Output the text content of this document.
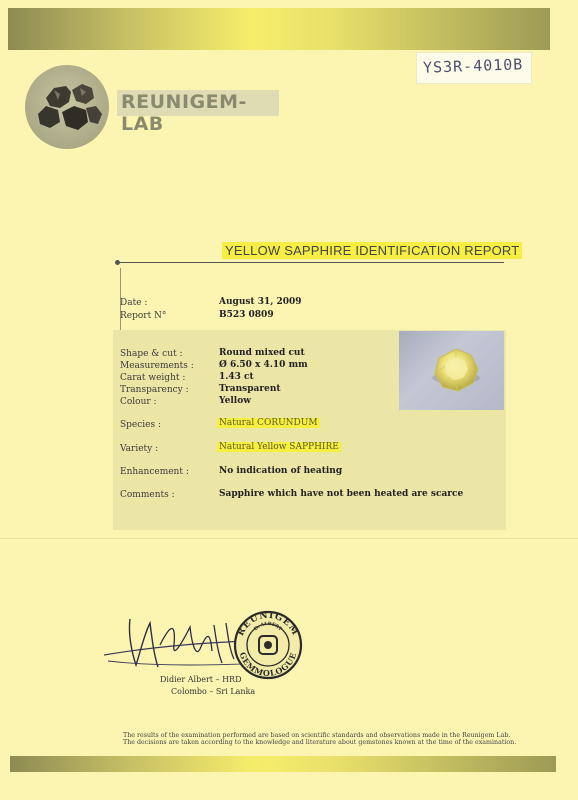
YS3R-4010B
REUNIGEM-LAB
YELLOW SAPPHIRE IDENTIFICATION REPORT
Date :	August 31, 2009
Report N°	B523 0809
Shape & cut :	Round mixed cut
Measurements :	Ø 6.50 x 4.10 mm
Carat weight :	1.43 ct
Transparency :	Transparent
Colour :	Yellow
Species :	Natural CORUNDUM
Variety :	Natural Yellow SAPPHIRE
Enhancement :	No indication of heating
Comments :	Sapphire which have not been heated are scarce
REUNIGEM
GEMMOLOGUE
D. ALBERT
Didier Albert – HRD
Colombo – Sri Lanka
The results of the examination performed are based on scientific standards and observations made in the Reunigem Lab.
The decisions are taken according to the knowledge and literature about gemstones known at the time of the examination.
